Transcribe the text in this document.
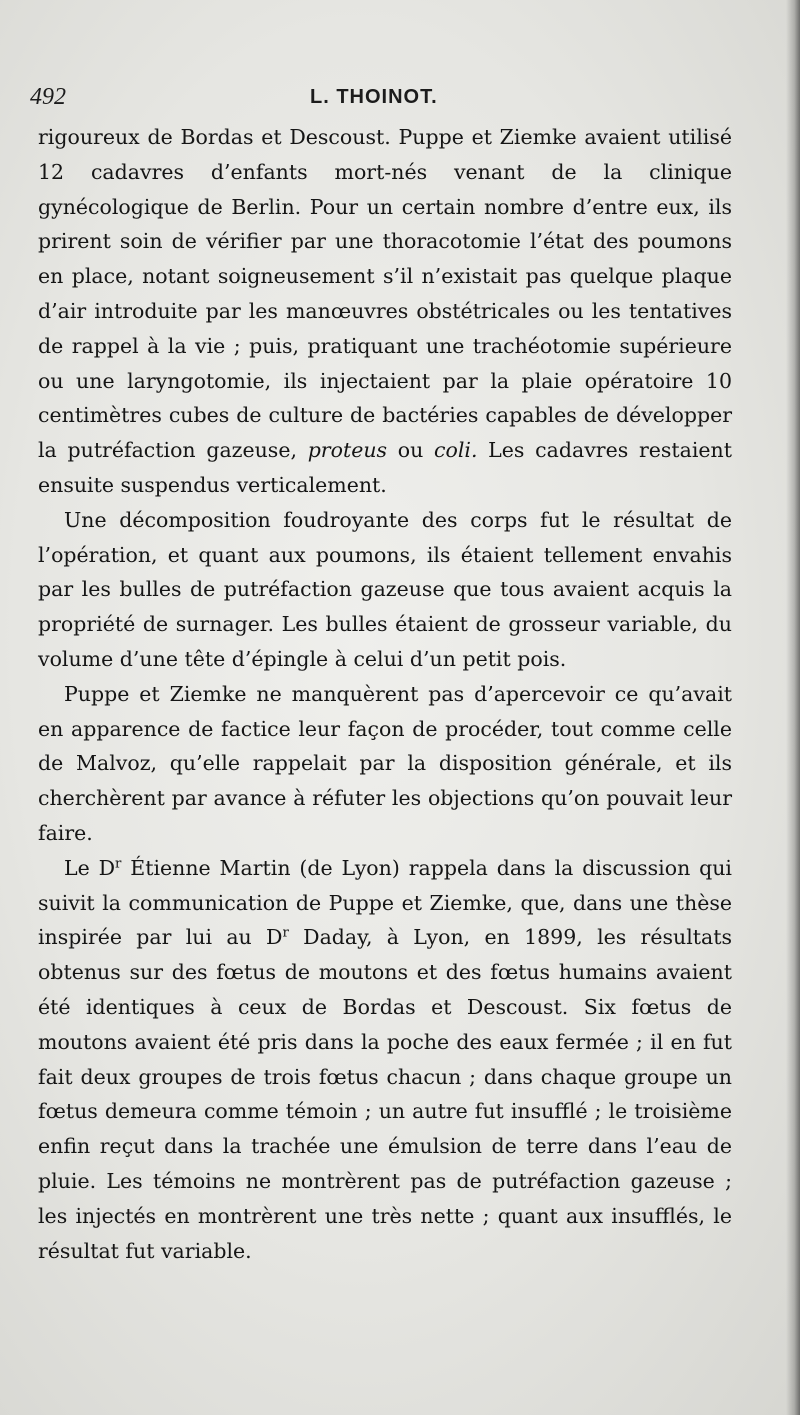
492	L. THOINOT.

rigoureux de Bordas et Descoust. Puppe et Ziemke avaient utilisé 12 cadavres d’enfants mort-nés venant de la clinique gynécologique de Berlin. Pour un certain nombre d’entre eux, ils prirent soin de vérifier par une thoracotomie l’état des poumons en place, notant soigneusement s’il n’existait pas quelque plaque d’air introduite par les manœuvres obstétricales ou les tentatives de rappel à la vie ; puis, pratiquant une trachéotomie supérieure ou une laryngotomie, ils injectaient par la plaie opératoire 10 centimètres cubes de culture de bactéries capables de développer la putréfaction gazeuse, proteus ou coli. Les cadavres restaient ensuite suspendus verticalement.

Une décomposition foudroyante des corps fut le résultat de l’opération, et quant aux poumons, ils étaient tellement envahis par les bulles de putréfaction gazeuse que tous avaient acquis la propriété de surnager. Les bulles étaient de grosseur variable, du volume d’une tête d’épingle à celui d’un petit pois.

Puppe et Ziemke ne manquèrent pas d’apercevoir ce qu’avait en apparence de factice leur façon de procéder, tout comme celle de Malvoz, qu’elle rappelait par la disposition générale, et ils cherchèrent par avance à réfuter les objections qu’on pouvait leur faire.

Le $D^r$ Étienne Martin (de Lyon) rappela dans la discussion qui suivit la communication de Puppe et Ziemke, que, dans une thèse inspirée par lui au $D^r$ Daday, à Lyon, en 1899, les résultats obtenus sur des fœtus de moutons et des fœtus humains avaient été identiques à ceux de Bordas et Descoust. Six fœtus de moutons avaient été pris dans la poche des eaux fermée ; il en fut fait deux groupes de trois fœtus chacun ; dans chaque groupe un fœtus demeura comme témoin ; un autre fut insufflé ; le troisième enfin reçut dans la trachée une émulsion de terre dans l’eau de pluie. Les témoins ne montrèrent pas de putréfaction gazeuse ; les injectés en montrèrent une très nette ; quant aux insufflés, le résultat fut variable.
